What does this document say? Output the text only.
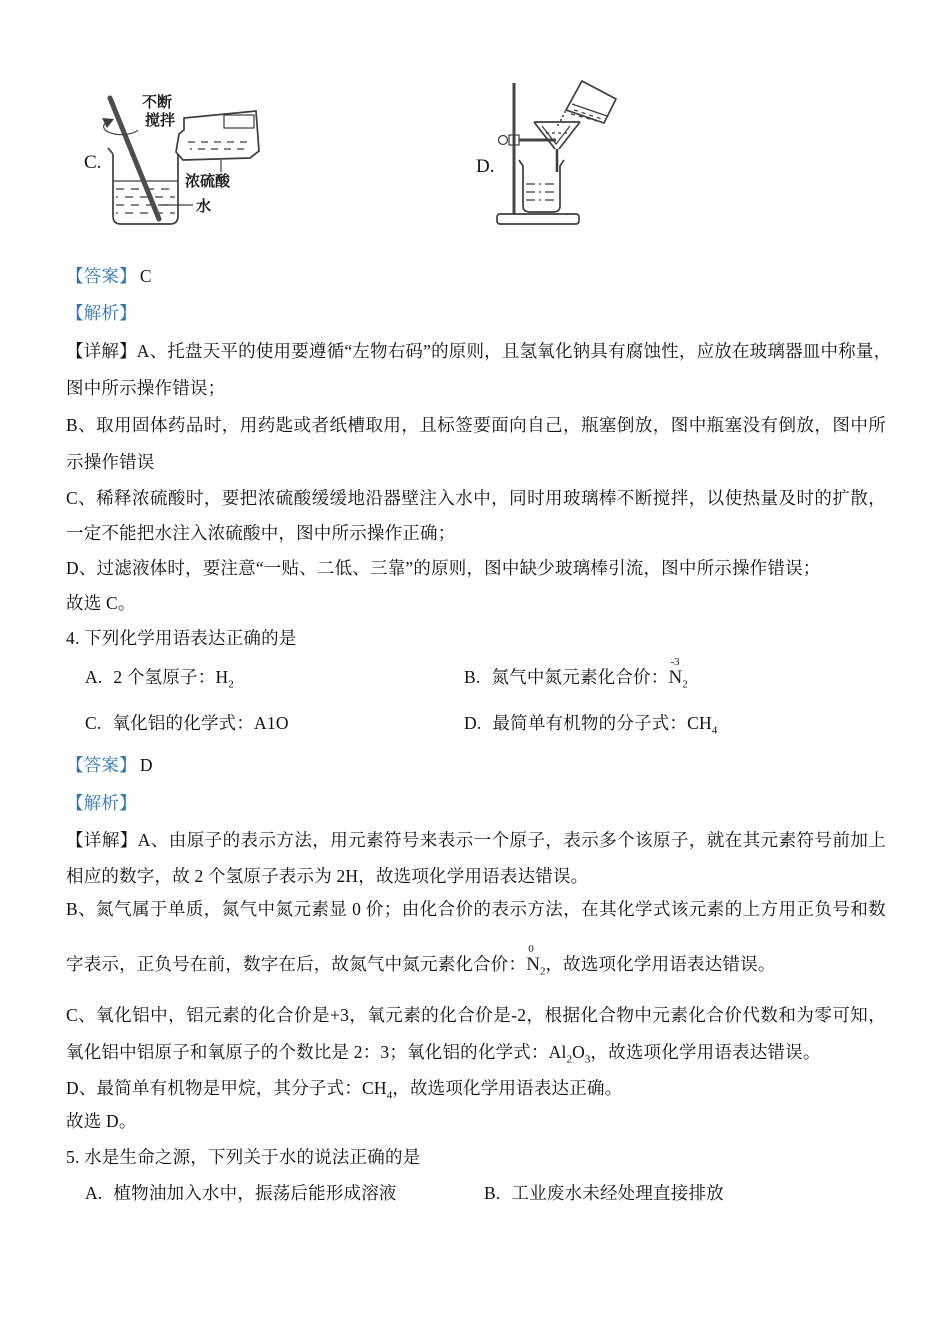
C.
不断
搅拌
浓硫酸
水
D.
【答案】 C
【解析】
【详解】A、托盘天平的使用要遵循“左物右码”的原则，且氢氧化钠具有腐蚀性，应放在玻璃器皿中称量，
图中所示操作错误；
B、取用固体药品时，用药匙或者纸槽取用，且标签要面向自己，瓶塞倒放，图中瓶塞没有倒放，图中所
示操作错误
C、稀释浓硫酸时，要把浓硫酸缓缓地沿器壁注入水中，同时用玻璃棒不断搅拌，以使热量及时的扩散，
一定不能把水注入浓硫酸中，图中所示操作正确；
D、过滤液体时，要注意“一贴、二低、三靠”的原则，图中缺少玻璃棒引流，图中所示操作错误；
故选 C。
4. 下列化学用语表达正确的是
A. 2 个氢原子：$H_2$	B. 氮气中氮元素化合价：
-3
$N_2$
C. 氧化铝的化学式：A1O	D. 最简单有机物的分子式：$CH_4$
【答案】 D
【解析】
【详解】A、由原子的表示方法，用元素符号来表示一个原子，表示多个该原子，就在其元素符号前加上
相应的数字，故 2 个氢原子表示为 2H，故选项化学用语表达错误。
B、氮气属于单质，氮气中氮元素显 0 价；由化合价的表示方法，在其化学式该元素的上方用正负号和数
字表示，正负号在前，数字在后，故氮气中氮元素化合价：
0
$N_2$，故选项化学用语表达错误。
C、氧化铝中，铝元素的化合价是+3，氧元素的化合价是-2，根据化合物中元素化合价代数和为零可知，
氧化铝中铝原子和氧原子的个数比是 2：3；氧化铝的化学式：$Al_2O_3$，故选项化学用语表达错误。
D、最简单有机物是甲烷，其分子式：$CH_4$，故选项化学用语表达正确。
故选 D。
5. 水是生命之源，下列关于水的说法正确的是
A. 植物油加入水中，振荡后能形成溶液	B. 工业废水未经处理直接排放
